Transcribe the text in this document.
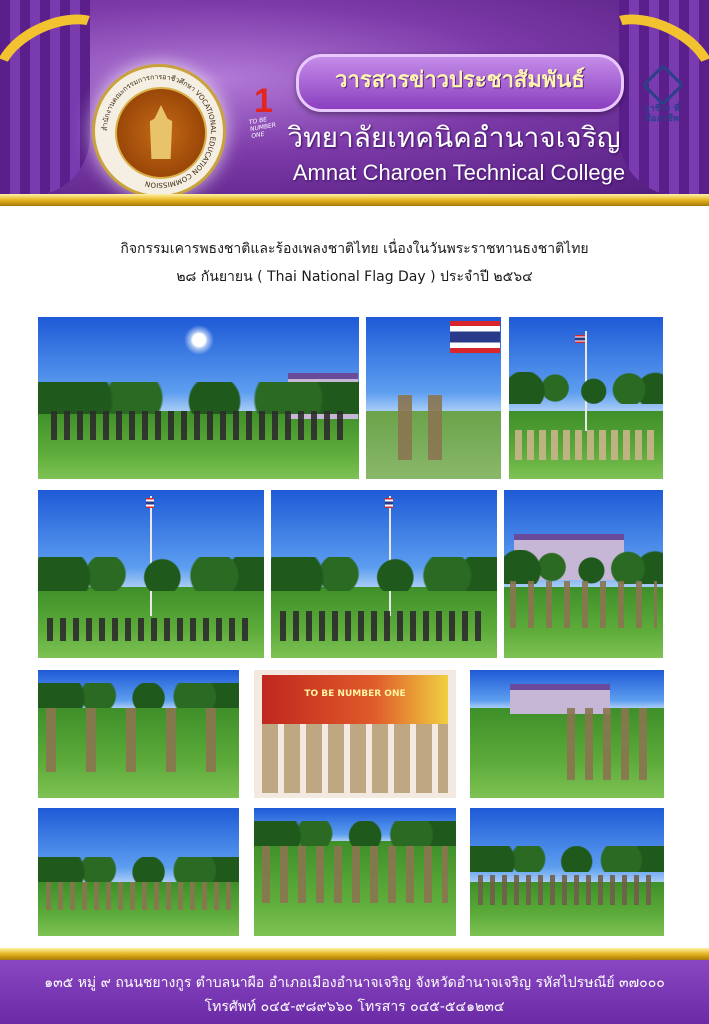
สำนักงานคณะกรรมการการอาชีวศึกษา VOCATIONAL EDUCATION COMMISSION
1
TO BE NUMBER ONE
วารสารข่าวประชาสัมพันธ์
วิทยาลัยเทคนิคอำนาจเจริญ
Amnat Charoen Technical College
อาชีวะ พี่มืออาชีพ
กิจกรรมเคารพธงชาติและร้องเพลงชาติไทย เนื่องในวันพระราชทานธงชาติไทย
๒๘ กันยายน ( Thai National Flag Day ) ประจำปี ๒๕๖๔
TO BE NUMBER ONE
๑๓๕ หมู่ ๙ ถนนชยางกูร ตำบลนาผือ อำเภอเมืองอำนาจเจริญ จังหวัดอำนาจเจริญ รหัสไปรษณีย์ ๓๗๐๐๐
โทรศัพท์ ๐๔๕-๙๘๙๖๖๐ โทรสาร ๐๔๕-๕๔๑๒๓๔
